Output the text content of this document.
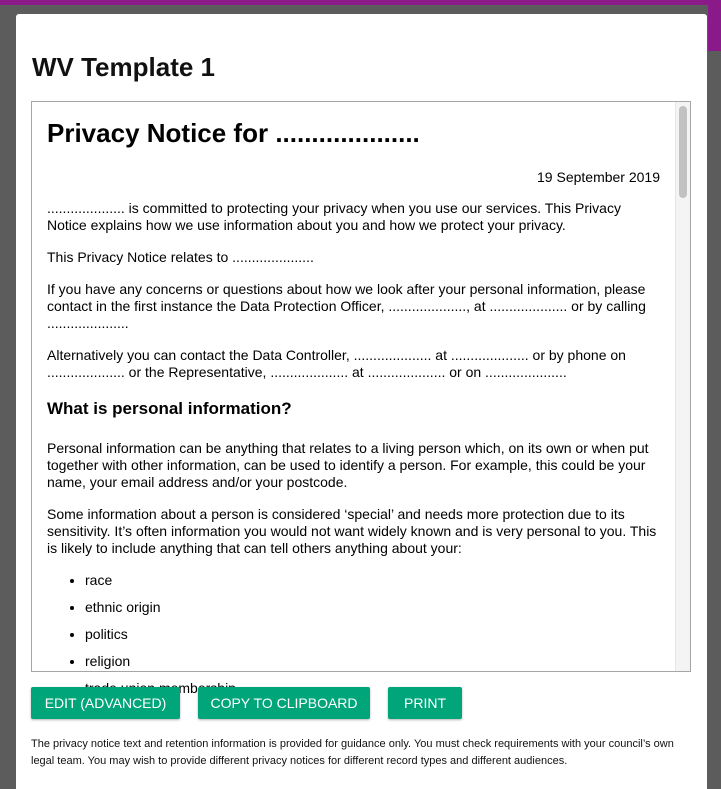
WV Template 1
Privacy Notice for ....................
19 September 2019

.................... is committed to protecting your privacy when you use our services. This Privacy Notice explains how we use information about you and how we protect your privacy.

This Privacy Notice relates to .....................

If you have any concerns or questions about how we look after your personal information, please contact in the first instance the Data Protection Officer, ...................., at .................... or by calling .....................

Alternatively you can contact the Data Controller, .................... at .................... or by phone on .................... or the Representative, .................... at .................... or on .....................

What is personal information?

Personal information can be anything that relates to a living person which, on its own or when put together with other information, can be used to identify a person. For example, this could be your name, your email address and/or your postcode.

Some information about a person is considered ‘special’ and needs more protection due to its sensitivity. It’s often information you would not want widely known and is very personal to you. This is likely to include anything that can tell others anything about your:

• race
• ethnic origin
• politics
• religion
•
EDIT (ADVANCED)	COPY TO CLIPBOARD	PRINT

The privacy notice text and retention information is provided for guidance only. You must check requirements with your council’s own legal team. You may wish to provide different privacy notices for different record types and different audiences.
